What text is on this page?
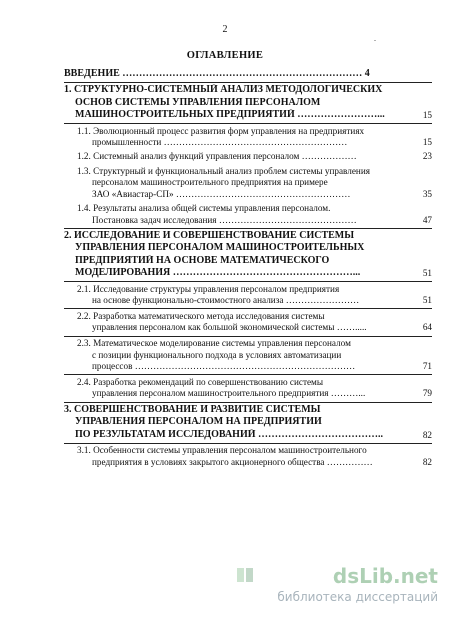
2
.
ОГЛАВЛЕНИЕ
ВВЕДЕНИЕ ……………………………………………………………… 4
1. СТРУКТУРНО-СИСТЕМНЫЙ АНАЛИЗ МЕТОДОЛОГИЧЕСКИХ
ОСНОВ СИСТЕМЫ УПРАВЛЕНИЯ ПЕРСОНАЛОМ
МАШИНОСТРОИТЕЛЬНЫХ ПРЕДПРИЯТИЙ ……………………...	15
1.1. Эволюционный процесс развития форм управления на предприятиях
промышленности ……………………………………………………	15
1.2. Системный анализ функций управления персоналом ………………	23
1.3. Структурный и функциональный анализ проблем системы управления
персоналом машиностроительного предприятия на примере
ЗАО «Авиастар-СП» …………………………………………………	35
1.4. Результаты анализа общей системы управления персоналом.
Постановка задач исследования ………………………………………	47
2. ИССЛЕДОВАНИЕ И СОВЕРШЕНСТВОВАНИЕ СИСТЕМЫ
УПРАВЛЕНИЯ ПЕРСОНАЛОМ МАШИНОСТРОИТЕЛЬНЫХ
ПРЕДПРИЯТИЙ НА ОСНОВЕ МАТЕМАТИЧЕСКОГО
МОДЕЛИРОВАНИЯ ………………………………………………...	51
2.1. Исследование структуры управления персоналом предприятия
на основе функционально-стоимостного анализа ……………………	51
2.2. Разработка математического метода исследования системы
управления персоналом как большой экономической системы …….....	64
2.3. Математическое моделирование системы управления персоналом
с позиции функционального подхода в условиях автоматизации
процессов ………………………………………………………………	71
2.4. Разработка рекомендаций по совершенствованию системы
управления персоналом машиностроительного предприятия ………...	79
3. СОВЕРШЕНСТВОВАНИЕ И РАЗВИТИЕ СИСТЕМЫ
УПРАВЛЕНИЯ ПЕРСОНАЛОМ НА ПРЕДПРИЯТИИ
ПО РЕЗУЛЬТАТАМ ИССЛЕДОВАНИЙ ………………………………..	82
3.1. Особенности системы управления персоналом машиностроительного
предприятия в условиях закрытого акционерного общества ……………	82
dsLib.net
библиотека диссертаций
